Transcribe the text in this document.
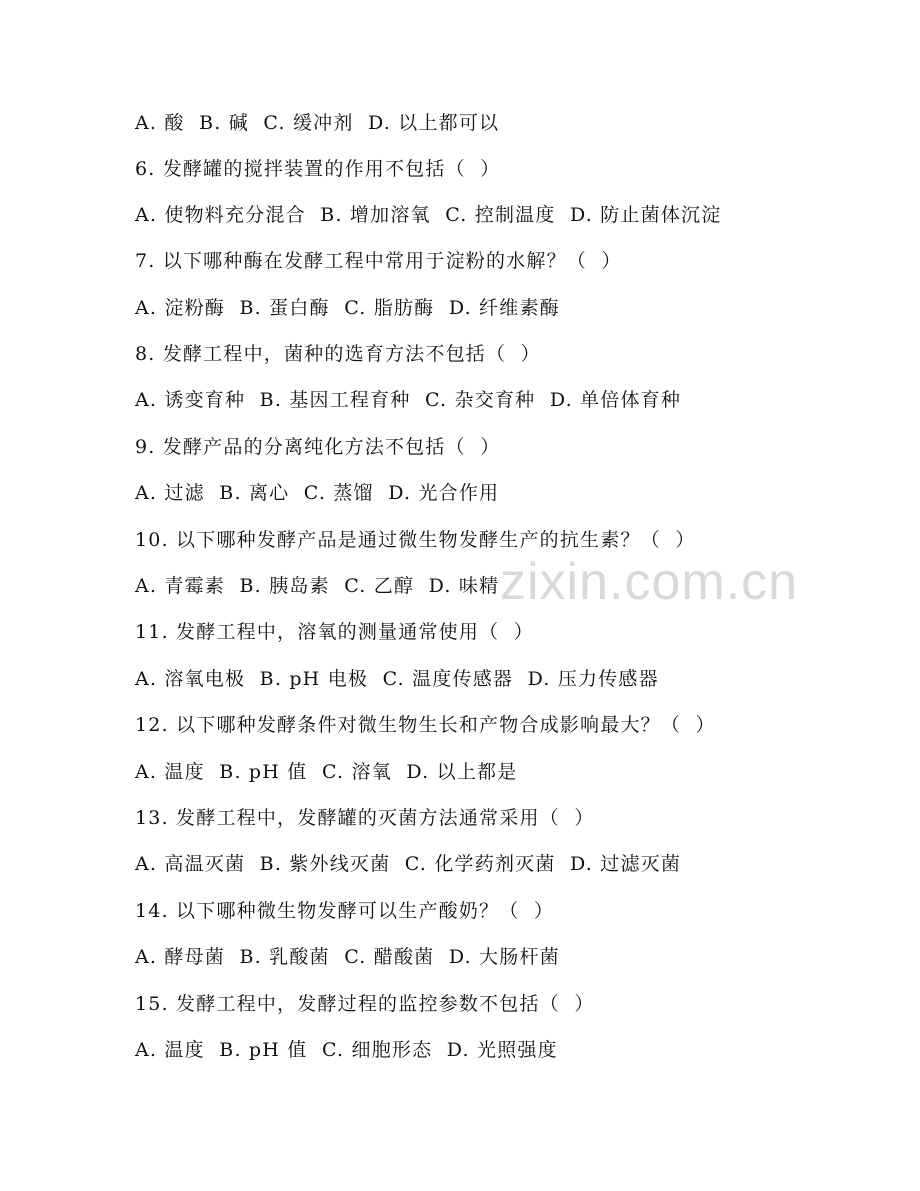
A. 酸  B. 碱  C. 缓冲剂  D. 以上都可以
6. 发酵罐的搅拌装置的作用不包括（  ）
A. 使物料充分混合  B. 增加溶氧  C. 控制温度  D. 防止菌体沉淀
7. 以下哪种酶在发酵工程中常用于淀粉的水解？（  ）
A. 淀粉酶  B. 蛋白酶  C. 脂肪酶  D. 纤维素酶
8. 发酵工程中，菌种的选育方法不包括（  ）
A. 诱变育种  B. 基因工程育种  C. 杂交育种  D. 单倍体育种
9. 发酵产品的分离纯化方法不包括（  ）
A. 过滤  B. 离心  C. 蒸馏  D. 光合作用
10. 以下哪种发酵产品是通过微生物发酵生产的抗生素？（  ）
A. 青霉素  B. 胰岛素  C. 乙醇  D. 味精
11. 发酵工程中，溶氧的测量通常使用（  ）
A. 溶氧电极  B. pH 电极  C. 温度传感器  D. 压力传感器
12. 以下哪种发酵条件对微生物生长和产物合成影响最大？（  ）
A. 温度  B. pH 值  C. 溶氧  D. 以上都是
13. 发酵工程中，发酵罐的灭菌方法通常采用（  ）
A. 高温灭菌  B. 紫外线灭菌  C. 化学药剂灭菌  D. 过滤灭菌
14. 以下哪种微生物发酵可以生产酸奶？（  ）
A. 酵母菌  B. 乳酸菌  C. 醋酸菌  D. 大肠杆菌
15. 发酵工程中，发酵过程的监控参数不包括（  ）
A. 温度  B. pH 值  C. 细胞形态  D. 光照强度
zixin.com.cn
